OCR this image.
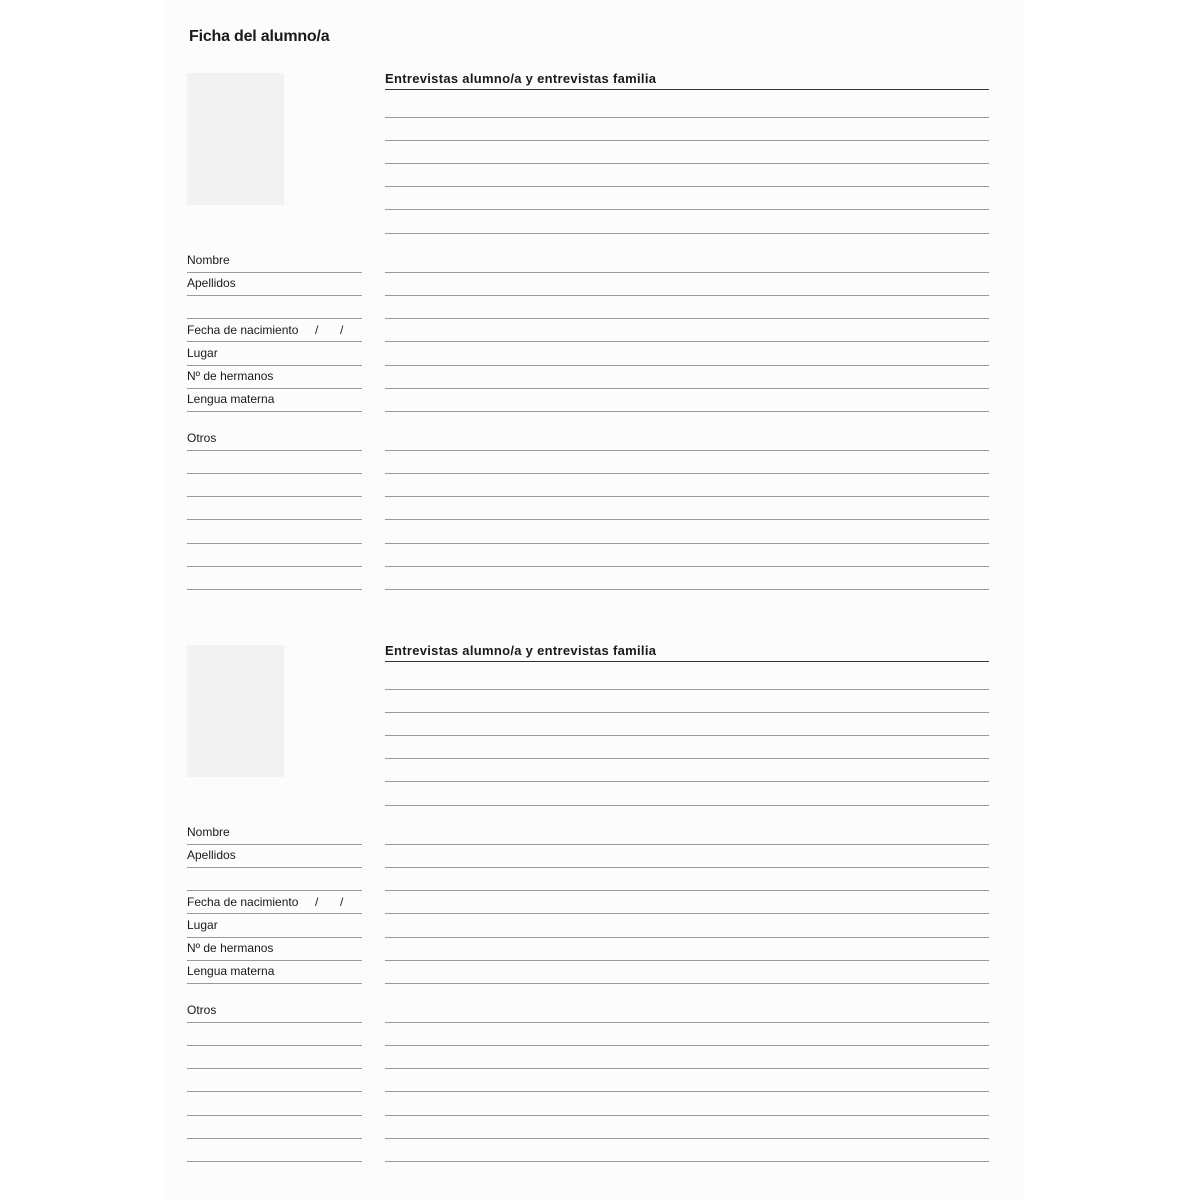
Ficha del alumno/a
Entrevistas alumno/a y entrevistas familia
Nombre
Apellidos
Fecha de nacimiento / /
Lugar
Nº de hermanos
Lengua materna
Otros
Entrevistas alumno/a y entrevistas familia
Nombre
Apellidos
Fecha de nacimiento / /
Lugar
Nº de hermanos
Lengua materna
Otros
